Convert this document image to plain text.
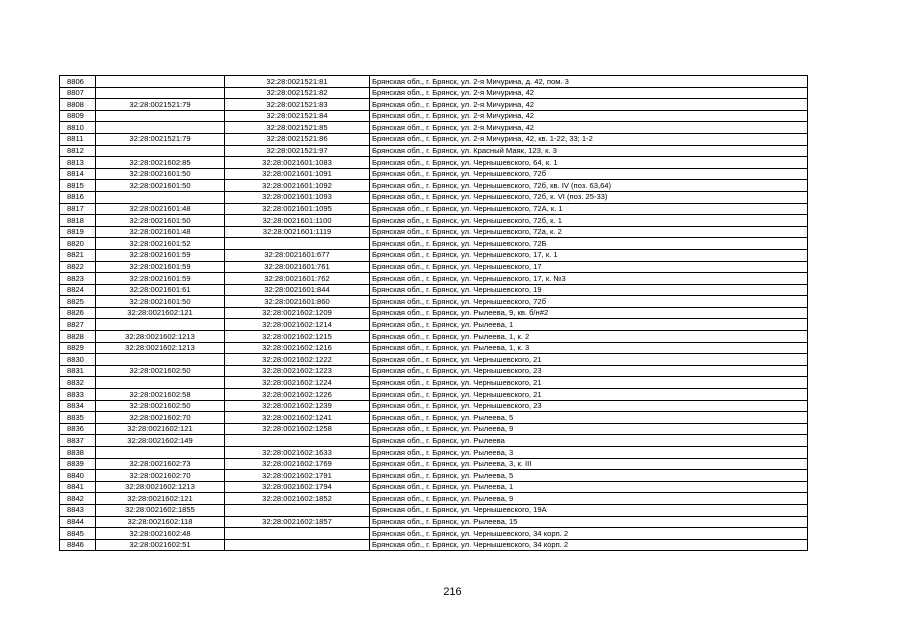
8806		32:28:0021521:81	Брянская обл., г. Брянск, ул. 2-я Мичурина, д. 42, пом. 3
8807		32:28:0021521:82	Брянская обл., г. Брянск, ул. 2-я Мичурина, 42
8808	32:28:0021521:79	32:28:0021521:83	Брянская обл., г. Брянск, ул. 2-я Мичурина, 42
8809		32:28:0021521:84	Брянская обл., г. Брянск, ул. 2-я Мичурина, 42
8810		32:28:0021521:85	Брянская обл., г. Брянск, ул. 2-я Мичурина, 42
8811	32:28:0021521:79	32:28:0021521:86	Брянская обл., г. Брянск, ул. 2-я Мичурина, 42, кв. 1-22, 33; 1-2
8812		32:28:0021521:97	Брянская обл., г. Брянск, ул. Красный Маяк, 123, к. 3
8813	32:28:0021602:85	32:28:0021601:1083	Брянская обл., г. Брянск, ул. Чернышевского, 64, к. 1
8814	32:28:0021601:50	32:28:0021601:1091	Брянская обл., г. Брянск, ул. Чернышевского, 72б
8815	32:28:0021601:50	32:28:0021601:1092	Брянская обл., г. Брянск, ул. Чернышевского, 72б, кв. IV (поз. 63,64)
8816		32:28:0021601:1093	Брянская обл., г. Брянск, ул. Чернышевского, 72б, к. VI (поз. 25-33)
8817	32:28:0021601:48	32:28:0021601:1095	Брянская обл., г. Брянск, ул. Чернышевского, 72А, к. 1
8818	32:28:0021601:50	32:28:0021601:1100	Брянская обл., г. Брянск, ул. Чернышевского, 72б, к. 1
8819	32:28:0021601:48	32:28:0021601:1119	Брянская обл., г. Брянск, ул. Чернышевского, 72а, к. 2
8820	32:28:0021601:52		Брянская обл., г. Брянск, ул. Чернышевского, 72Б
8821	32:28:0021601:59	32:28:0021601:677	Брянская обл., г. Брянск, ул. Чернышевского, 17, к. 1
8822	32:28:0021601:59	32:28:0021601:761	Брянская обл., г. Брянск, ул. Чернышевского, 17
8823	32:28:0021601:59	32:28:0021601:762	Брянская обл., г. Брянск, ул. Чернышевского, 17, к. №3
8824	32:28:0021601:61	32:28:0021601:844	Брянская обл., г. Брянск, ул. Чернышевского, 19
8825	32:28:0021601:50	32:28:0021601:860	Брянская обл., г. Брянск, ул. Чернышевского, 72б
8826	32:28:0021602:121	32:28:0021602:1209	Брянская обл., г. Брянск, ул. Рылеева, 9, кв. б/н#2
8827		32:28:0021602:1214	Брянская обл., г. Брянск, ул. Рылеева, 1
8828	32:28:0021602:1213	32:28:0021602:1215	Брянская обл., г. Брянск, ул. Рылеева, 1, к. 2
8829	32:28:0021602:1213	32:28:0021602:1216	Брянская обл., г. Брянск, ул. Рылеева, 1, к. 3
8830		32:28:0021602:1222	Брянская обл., г. Брянск, ул. Чернышевского, 21
8831	32:28:0021602:50	32:28:0021602:1223	Брянская обл., г. Брянск, ул. Чернышевского, 23
8832		32:28:0021602:1224	Брянская обл., г. Брянск, ул. Чернышевского, 21
8833	32:28:0021602:58	32:28:0021602:1226	Брянская обл., г. Брянск, ул. Чернышевского, 21
8834	32:28:0021602:50	32:28:0021602:1239	Брянская обл., г. Брянск, ул. Чернышевского, 23
8835	32:28:0021602:70	32:28:0021602:1241	Брянская обл., г. Брянск, ул. Рылеева, 5
8836	32:28:0021602:121	32:28:0021602:1258	Брянская обл., г. Брянск, ул. Рылеева, 9
8837	32:28:0021602:149		Брянская обл., г. Брянск, ул. Рылеева
8838		32:28:0021602:1633	Брянская обл., г. Брянск, ул. Рылеева, 3
8839	32:28:0021602:73	32:28:0021602:1769	Брянская обл., г. Брянск, ул. Рылеева, 3, к. III
8840	32:28:0021602:70	32:28:0021602:1791	Брянская обл., г. Брянск, ул. Рылеева, 5
8841	32:28:0021602:1213	32:28:0021602:1794	Брянская обл., г. Брянск, ул. Рылеева, 1
8842	32:28:0021602:121	32:28:0021602:1852	Брянская обл., г. Брянск, ул. Рылеева, 9
8843	32:28:0021602:1855		Брянская обл., г. Брянск, ул. Чернышевского, 19А
8844	32:28:0021602:118	32:28:0021602:1857	Брянская обл., г. Брянск, ул. Рылеева, 15
8845	32:28:0021602:48		Брянская обл., г. Брянск, ул. Чернышевского, 34 корп. 2
8846	32:28:0021602:51		Брянская обл., г. Брянск, ул. Чернышевского, 34 корп. 2
216
